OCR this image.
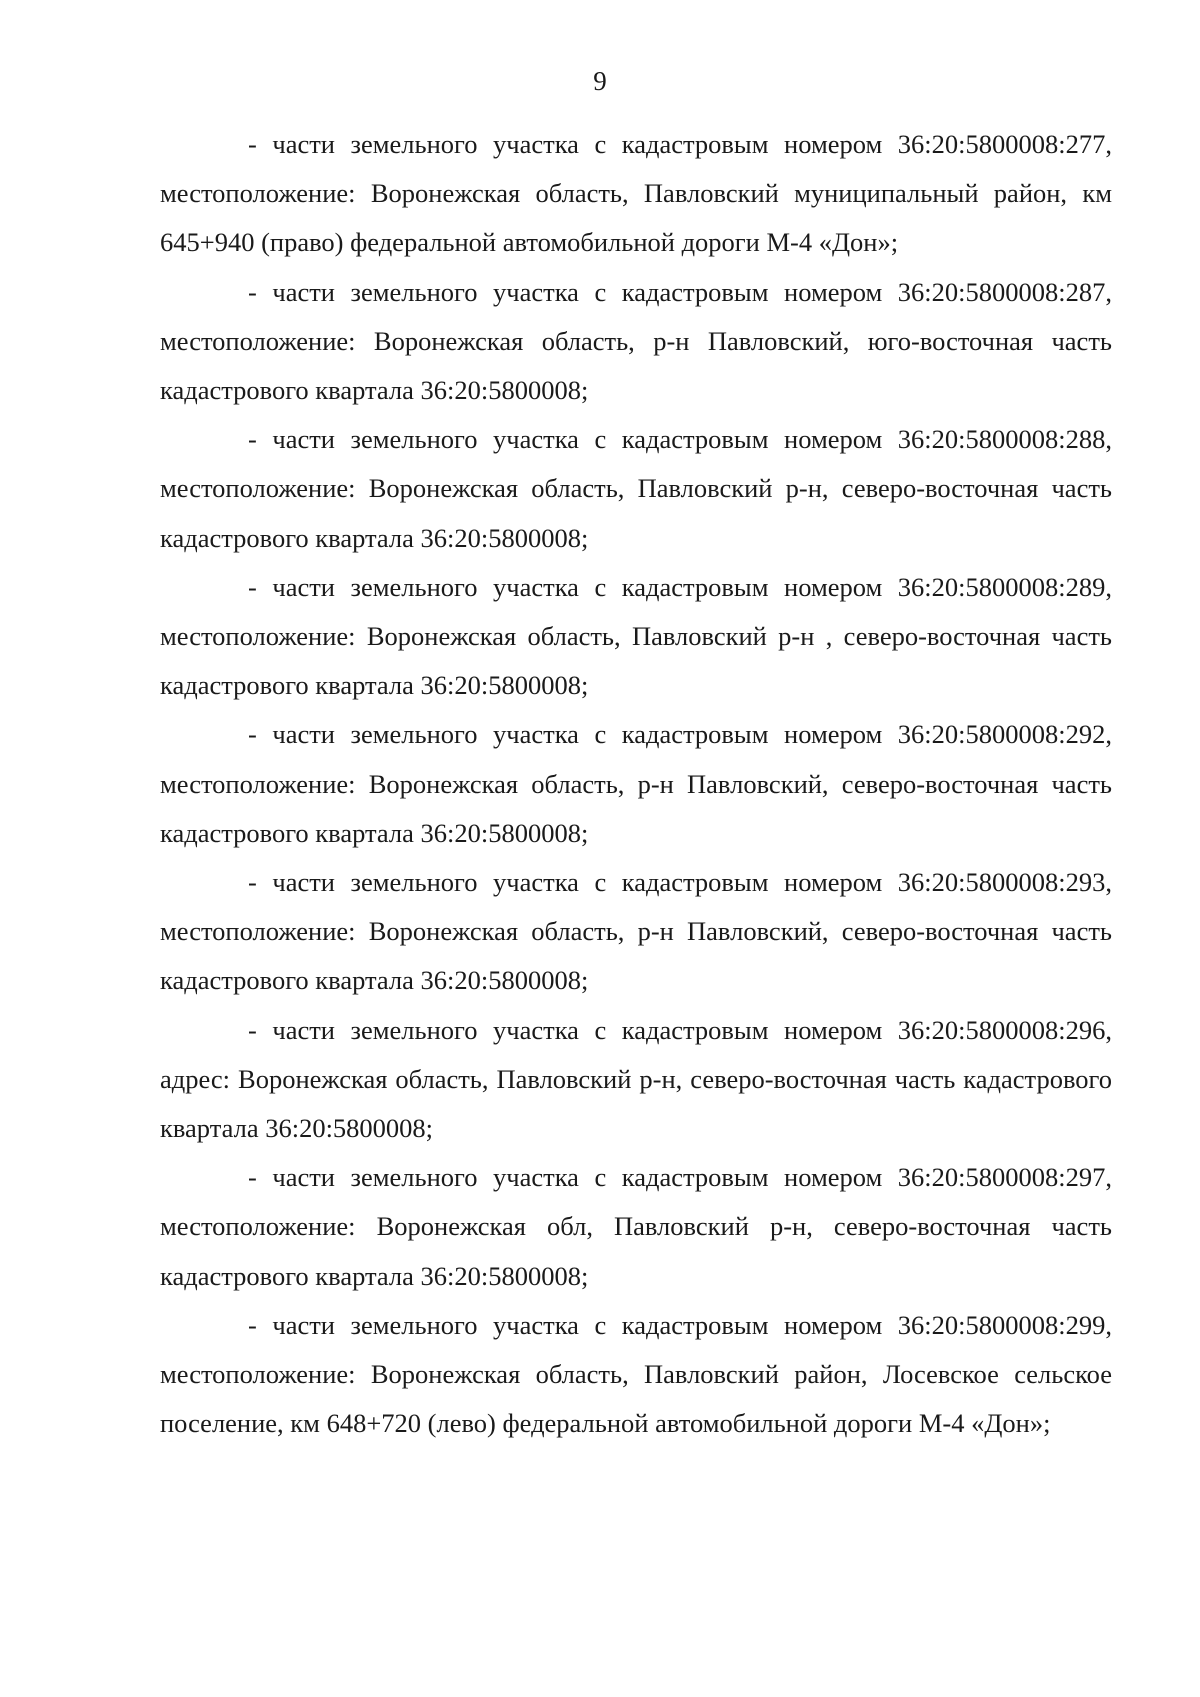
9

- части земельного участка с кадастровым номером 36:20:5800008:277, местоположение: Воронежская область, Павловский муниципальный район, км 645+940 (право) федеральной автомобильной дороги М-4 «Дон»;

- части земельного участка с кадастровым номером 36:20:5800008:287, местоположение: Воронежская область, р-н Павловский, юго-восточная часть кадастрового квартала 36:20:5800008;

- части земельного участка с кадастровым номером 36:20:5800008:288, местоположение: Воронежская область, Павловский р-н, северо-восточная часть кадастрового квартала 36:20:5800008;

- части земельного участка с кадастровым номером 36:20:5800008:289, местоположение: Воронежская область, Павловский р-н , северо-восточная часть кадастрового квартала 36:20:5800008;

- части земельного участка с кадастровым номером 36:20:5800008:292, местоположение: Воронежская область, р-н Павловский, северо-восточная часть кадастрового квартала 36:20:5800008;

- части земельного участка с кадастровым номером 36:20:5800008:293, местоположение: Воронежская область, р-н Павловский, северо-восточная часть кадастрового квартала 36:20:5800008;

- части земельного участка с кадастровым номером 36:20:5800008:296, адрес: Воронежская область, Павловский р-н, северо-восточная часть кадастрового квартала 36:20:5800008;

- части земельного участка с кадастровым номером 36:20:5800008:297, местоположение: Воронежская обл, Павловский р-н, северо-восточная часть кадастрового квартала 36:20:5800008;

- части земельного участка с кадастровым номером 36:20:5800008:299, местоположение: Воронежская область, Павловский район, Лосевское сельское поселение, км 648+720 (лево) федеральной автомобильной дороги М-4 «Дон»;
